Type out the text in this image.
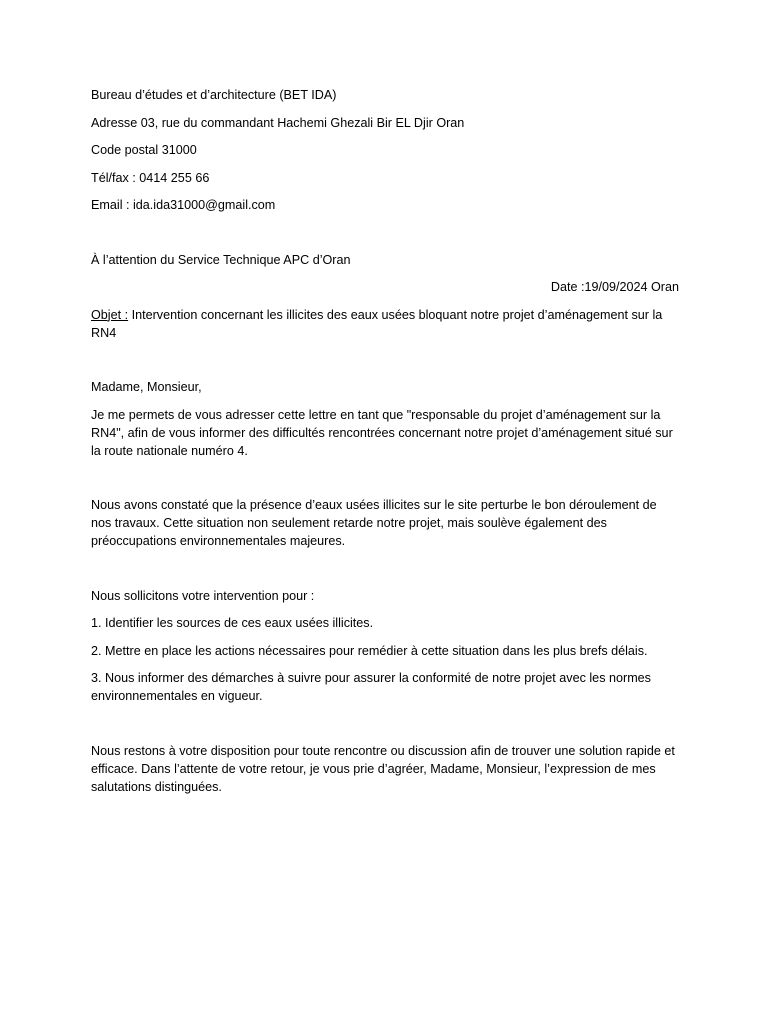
Bureau d’études et d’architecture (BET IDA)
Adresse 03, rue du commandant Hachemi Ghezali Bir EL Djir Oran
Code postal 31000
Tél/fax : 0414 255 66
Email : ida.ida31000@gmail.com
À l’attention du Service Technique APC d’Oran
Date :19/09/2024 Oran
Objet : Intervention concernant les illicites des eaux usées bloquant notre projet d’aménagement sur la RN4
Madame, Monsieur,
Je me permets de vous adresser cette lettre en tant que "responsable du projet d’aménagement sur la RN4", afin de vous informer des difficultés rencontrées concernant notre projet d’aménagement situé sur la route nationale numéro 4.
Nous avons constaté que la présence d’eaux usées illicites sur le site perturbe le bon déroulement de nos travaux. Cette situation non seulement retarde notre projet, mais soulève également des préoccupations environnementales majeures.
Nous sollicitons votre intervention pour :
1. Identifier les sources de ces eaux usées illicites.
2. Mettre en place les actions nécessaires pour remédier à cette situation dans les plus brefs délais.
3. Nous informer des démarches à suivre pour assurer la conformité de notre projet avec les normes environnementales en vigueur.
Nous restons à votre disposition pour toute rencontre ou discussion afin de trouver une solution rapide et efficace. Dans l’attente de votre retour, je vous prie d’agréer, Madame, Monsieur, l’expression de mes salutations distinguées.
